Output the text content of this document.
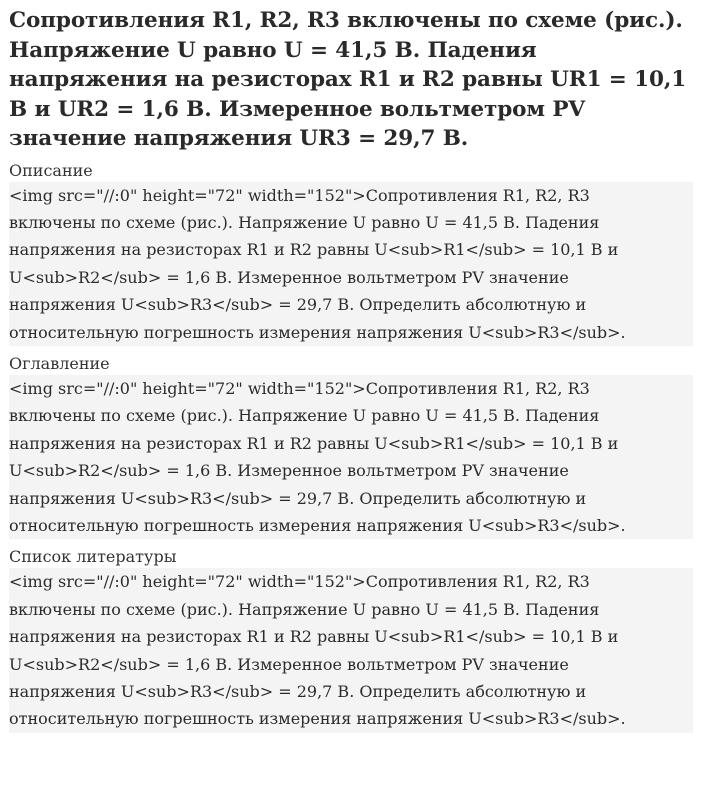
Сопротивления R1, R2, R3 включены по схеме (рис.). Напряжение U равно U = 41,5 В. Падения напряжения на резисторах R1 и R2 равны UR1 = 10,1 В и UR2 = 1,6 В. Измеренное вольтметром PV значение напряжения UR3 = 29,7 В.

Описание

<img src="//:0" height="72" width="152">Сопротивления R1, R2, R3
включены по схеме (рис.). Напряжение U равно U = 41,5 В. Падения
напряжения на резисторах R1 и R2 равны U<sub>R1</sub> = 10,1 В и
U<sub>R2</sub> = 1,6 В. Измеренное вольтметром PV значение
напряжения U<sub>R3</sub> = 29,7 В. Определить абсолютную и
относительную погрешность измерения напряжения U<sub>R3</sub>.

Оглавление

<img src="//:0" height="72" width="152">Сопротивления R1, R2, R3
включены по схеме (рис.). Напряжение U равно U = 41,5 В. Падения
напряжения на резисторах R1 и R2 равны U<sub>R1</sub> = 10,1 В и
U<sub>R2</sub> = 1,6 В. Измеренное вольтметром PV значение
напряжения U<sub>R3</sub> = 29,7 В. Определить абсолютную и
относительную погрешность измерения напряжения U<sub>R3</sub>.

Список литературы

<img src="//:0" height="72" width="152">Сопротивления R1, R2, R3
включены по схеме (рис.). Напряжение U равно U = 41,5 В. Падения
напряжения на резисторах R1 и R2 равны U<sub>R1</sub> = 10,1 В и
U<sub>R2</sub> = 1,6 В. Измеренное вольтметром PV значение
напряжения U<sub>R3</sub> = 29,7 В. Определить абсолютную и
относительную погрешность измерения напряжения U<sub>R3</sub>.
